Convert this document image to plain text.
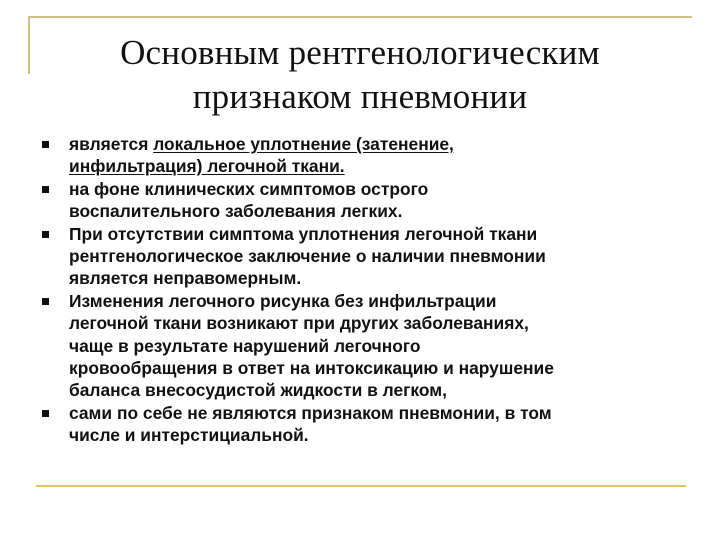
Основным рентгенологическим
признаком пневмонии
является локальное уплотнение (затенение,
инфильтрация) легочной ткани.
на фоне клинических симптомов острого
воспалительного заболевания легких.
При отсутствии симптома уплотнения легочной ткани
рентгенологическое заключение о наличии пневмонии
является неправомерным.
Изменения легочного рисунка без инфильтрации
легочной ткани возникают при других заболеваниях,
чаще в результате нарушений легочного
кровообращения в ответ на интоксикацию и нарушение
баланса внесосудистой жидкости в легком,
сами по себе не являются признаком пневмонии, в том
числе и интерстициальной.
